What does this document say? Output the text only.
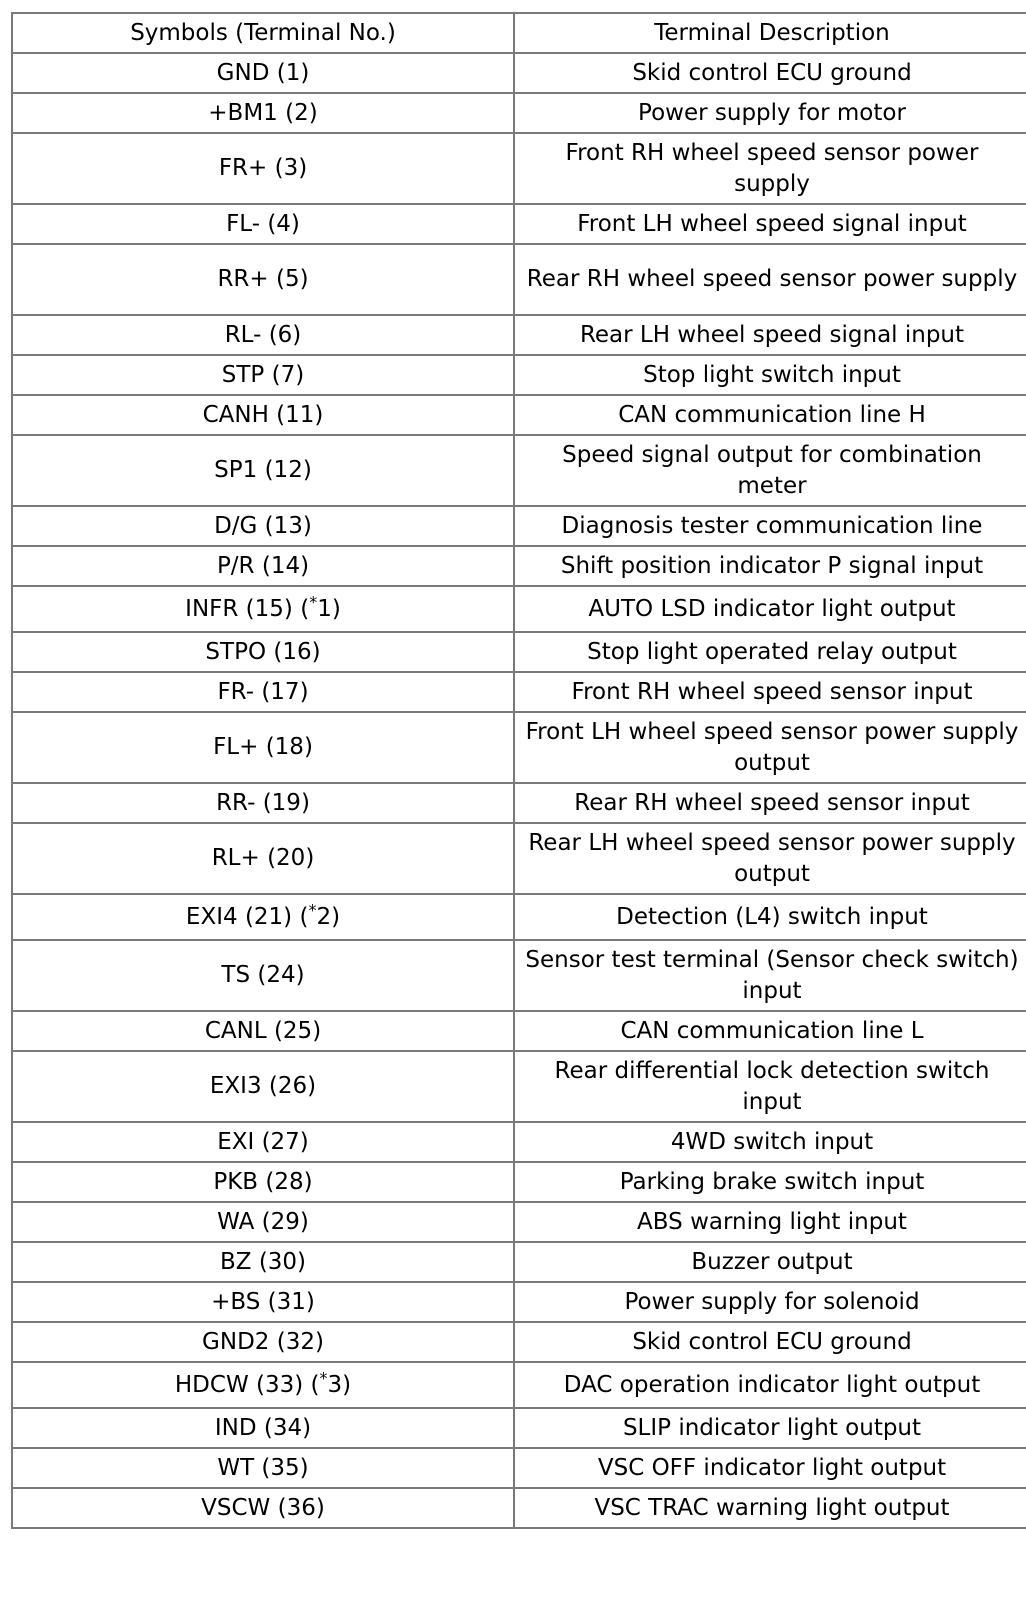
Symbols (Terminal No.)	Terminal Description
GND (1)	Skid control ECU ground
+BM1 (2)	Power supply for motor
FR+ (3)	Front RH wheel speed sensor power supply
FL- (4)	Front LH wheel speed signal input
RR+ (5)	Rear RH wheel speed sensor power supply
RL- (6)	Rear LH wheel speed signal input
STP (7)	Stop light switch input
CANH (11)	CAN communication line H
SP1 (12)	Speed signal output for combination meter
D/G (13)	Diagnosis tester communication line
P/R (14)	Shift position indicator P signal input
INFR (15) (*1)	AUTO LSD indicator light output
STPO (16)	Stop light operated relay output
FR- (17)	Front RH wheel speed sensor input
FL+ (18)	Front LH wheel speed sensor power supply output
RR- (19)	Rear RH wheel speed sensor input
RL+ (20)	Rear LH wheel speed sensor power supply output
EXI4 (21) (*2)	Detection (L4) switch input
TS (24)	Sensor test terminal (Sensor check switch) input
CANL (25)	CAN communication line L
EXI3 (26)	Rear differential lock detection switch input
EXI (27)	4WD switch input
PKB (28)	Parking brake switch input
WA (29)	ABS warning light input
BZ (30)	Buzzer output
+BS (31)	Power supply for solenoid
GND2 (32)	Skid control ECU ground
HDCW (33) (*3)	DAC operation indicator light output
IND (34)	SLIP indicator light output
WT (35)	VSC OFF indicator light output
VSCW (36)	VSC TRAC warning light output
